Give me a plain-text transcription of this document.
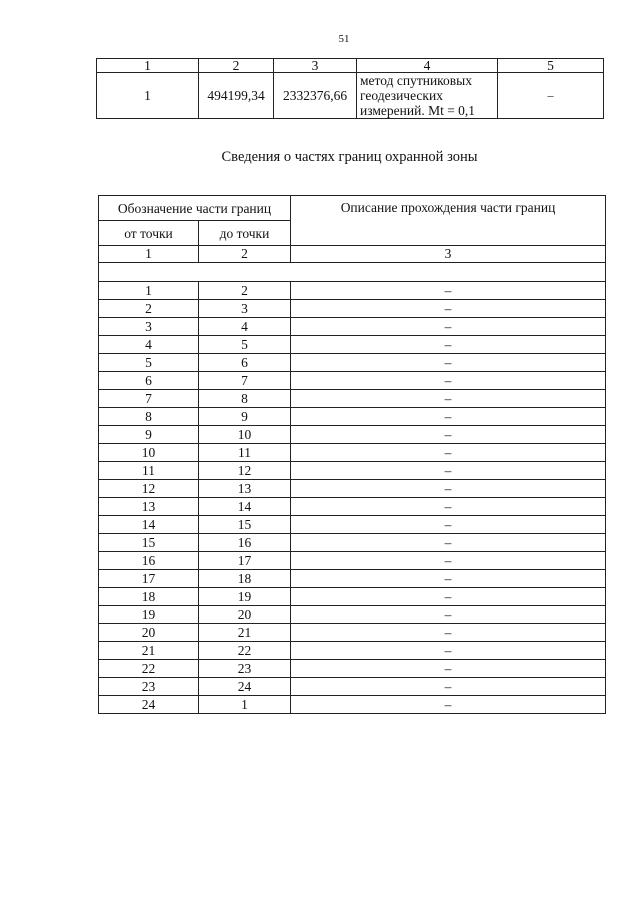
51
1	2	3	4	5
1	494199,34	2332376,66	метод спутниковых
геодезических
измерений. Mt = 0,1	–
Сведения о частях границ охранной зоны
Обозначение части границ		Описание прохождения части границ
от точки	до точки	
1	2	3

1	2	–
2	3	–
3	4	–
4	5	–
5	6	–
6	7	–
7	8	–
8	9	–
9	10	–
10	11	–
11	12	–
12	13	–
13	14	–
14	15	–
15	16	–
16	17	–
17	18	–
18	19	–
19	20	–
20	21	–
21	22	–
22	23	–
23	24	–
24	1	–
